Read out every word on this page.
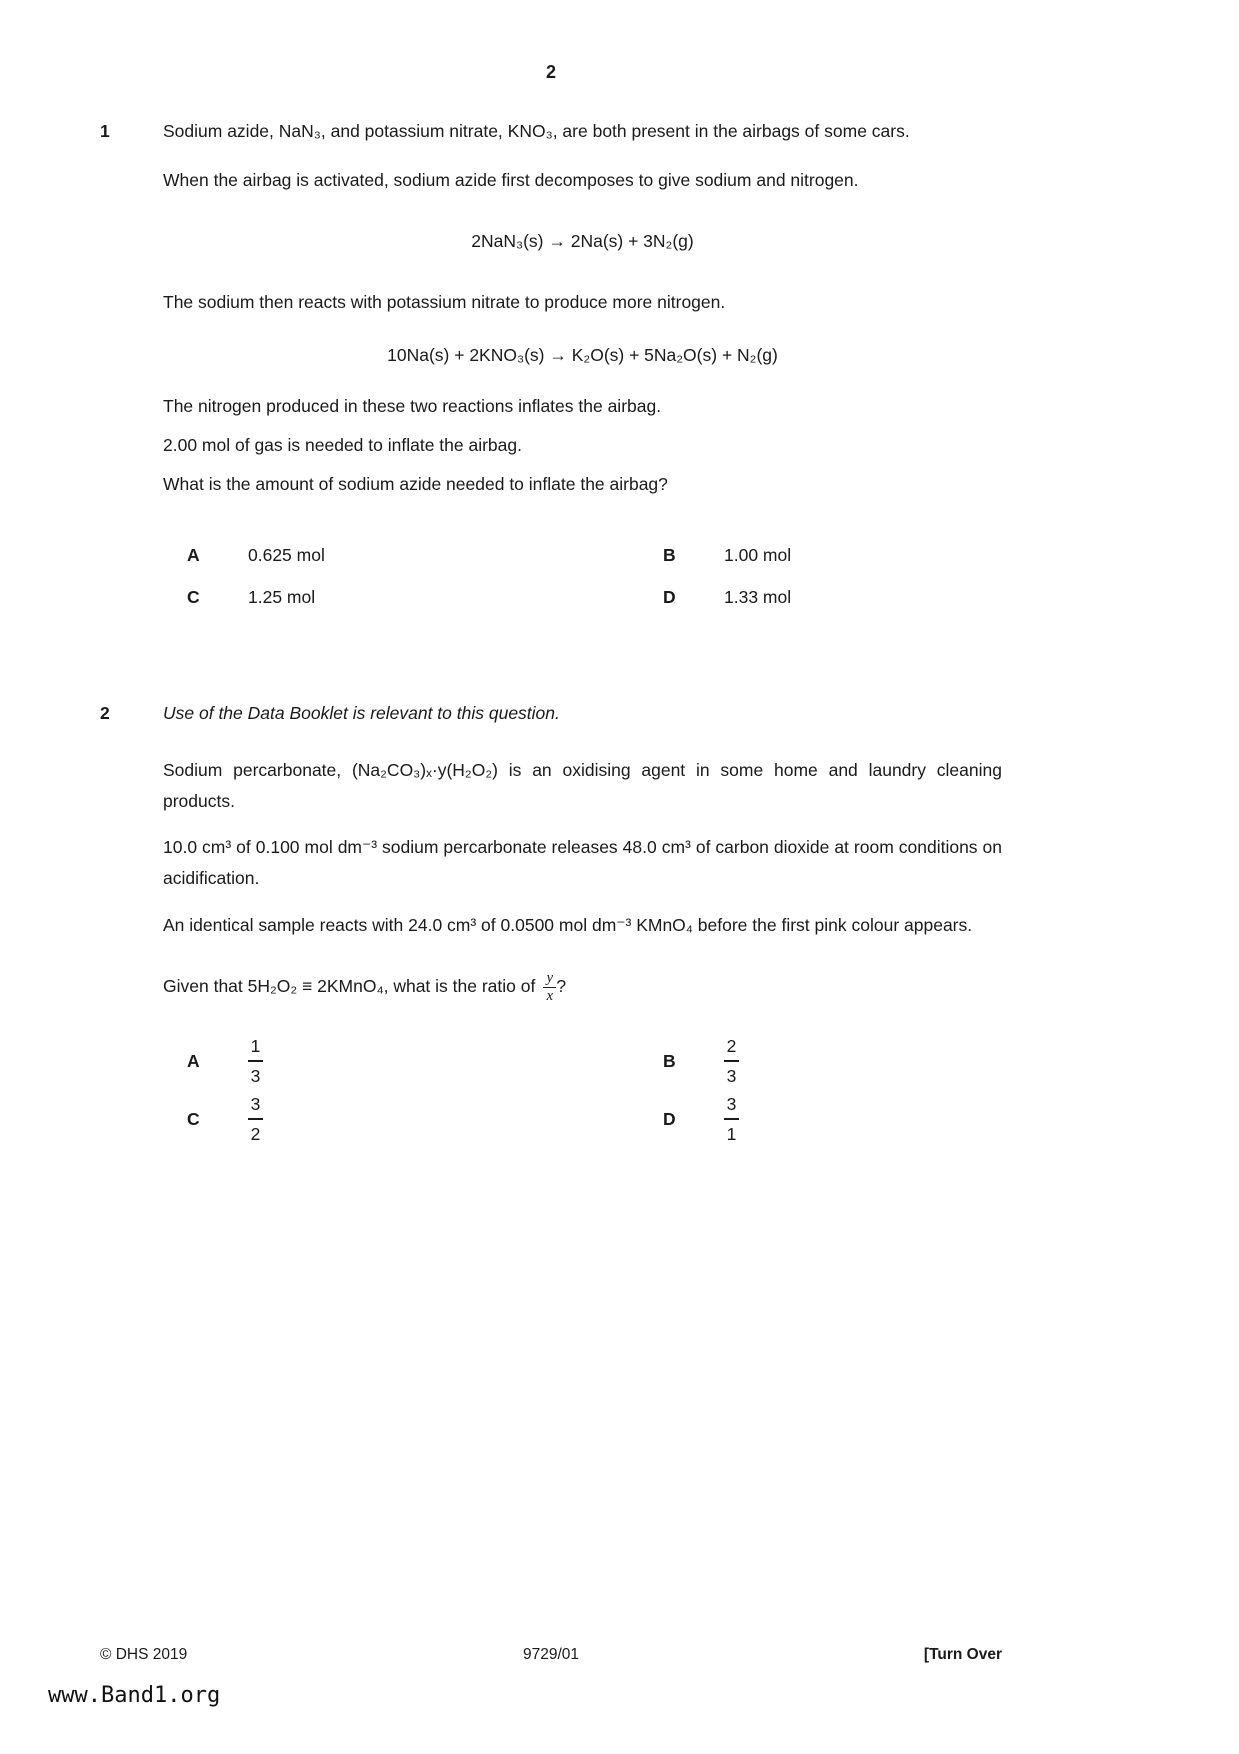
2
1	Sodium azide, NaN₃, and potassium nitrate, KNO₃, are both present in the airbags of some cars.

When the airbag is activated, sodium azide first decomposes to give sodium and nitrogen.

2NaN₃(s) → 2Na(s) + 3N₂(g)

The sodium then reacts with potassium nitrate to produce more nitrogen.

10Na(s) + 2KNO₃(s) → K₂O(s) + 5Na₂O(s) + N₂(g)

The nitrogen produced in these two reactions inflates the airbag.

2.00 mol of gas is needed to inflate the airbag.

What is the amount of sodium azide needed to inflate the airbag?

A	0.625 mol	B	1.00 mol
C	1.25 mol	D	1.33 mol
2	Use of the Data Booklet is relevant to this question.

Sodium percarbonate, (Na₂CO₃)ₓ·y(H₂O₂) is an oxidising agent in some home and laundry cleaning products.

10.0 cm³ of 0.100 mol dm⁻³ sodium percarbonate releases 48.0 cm³ of carbon dioxide at room conditions on acidification.

An identical sample reacts with 24.0 cm³ of 0.0500 mol dm⁻³ KMnO₄ before the first pink colour appears.

Given that 5H₂O₂ ≡ 2KMnO₄, what is the ratio of $\frac{y}{x}$ ?
A	$\frac{1}{3}$	B	$\frac{2}{3}$
C	$\frac{3}{2}$	D	$\frac{3}{1}$
© DHS 2019	9729/01	[Turn Over
www.Band1.org
